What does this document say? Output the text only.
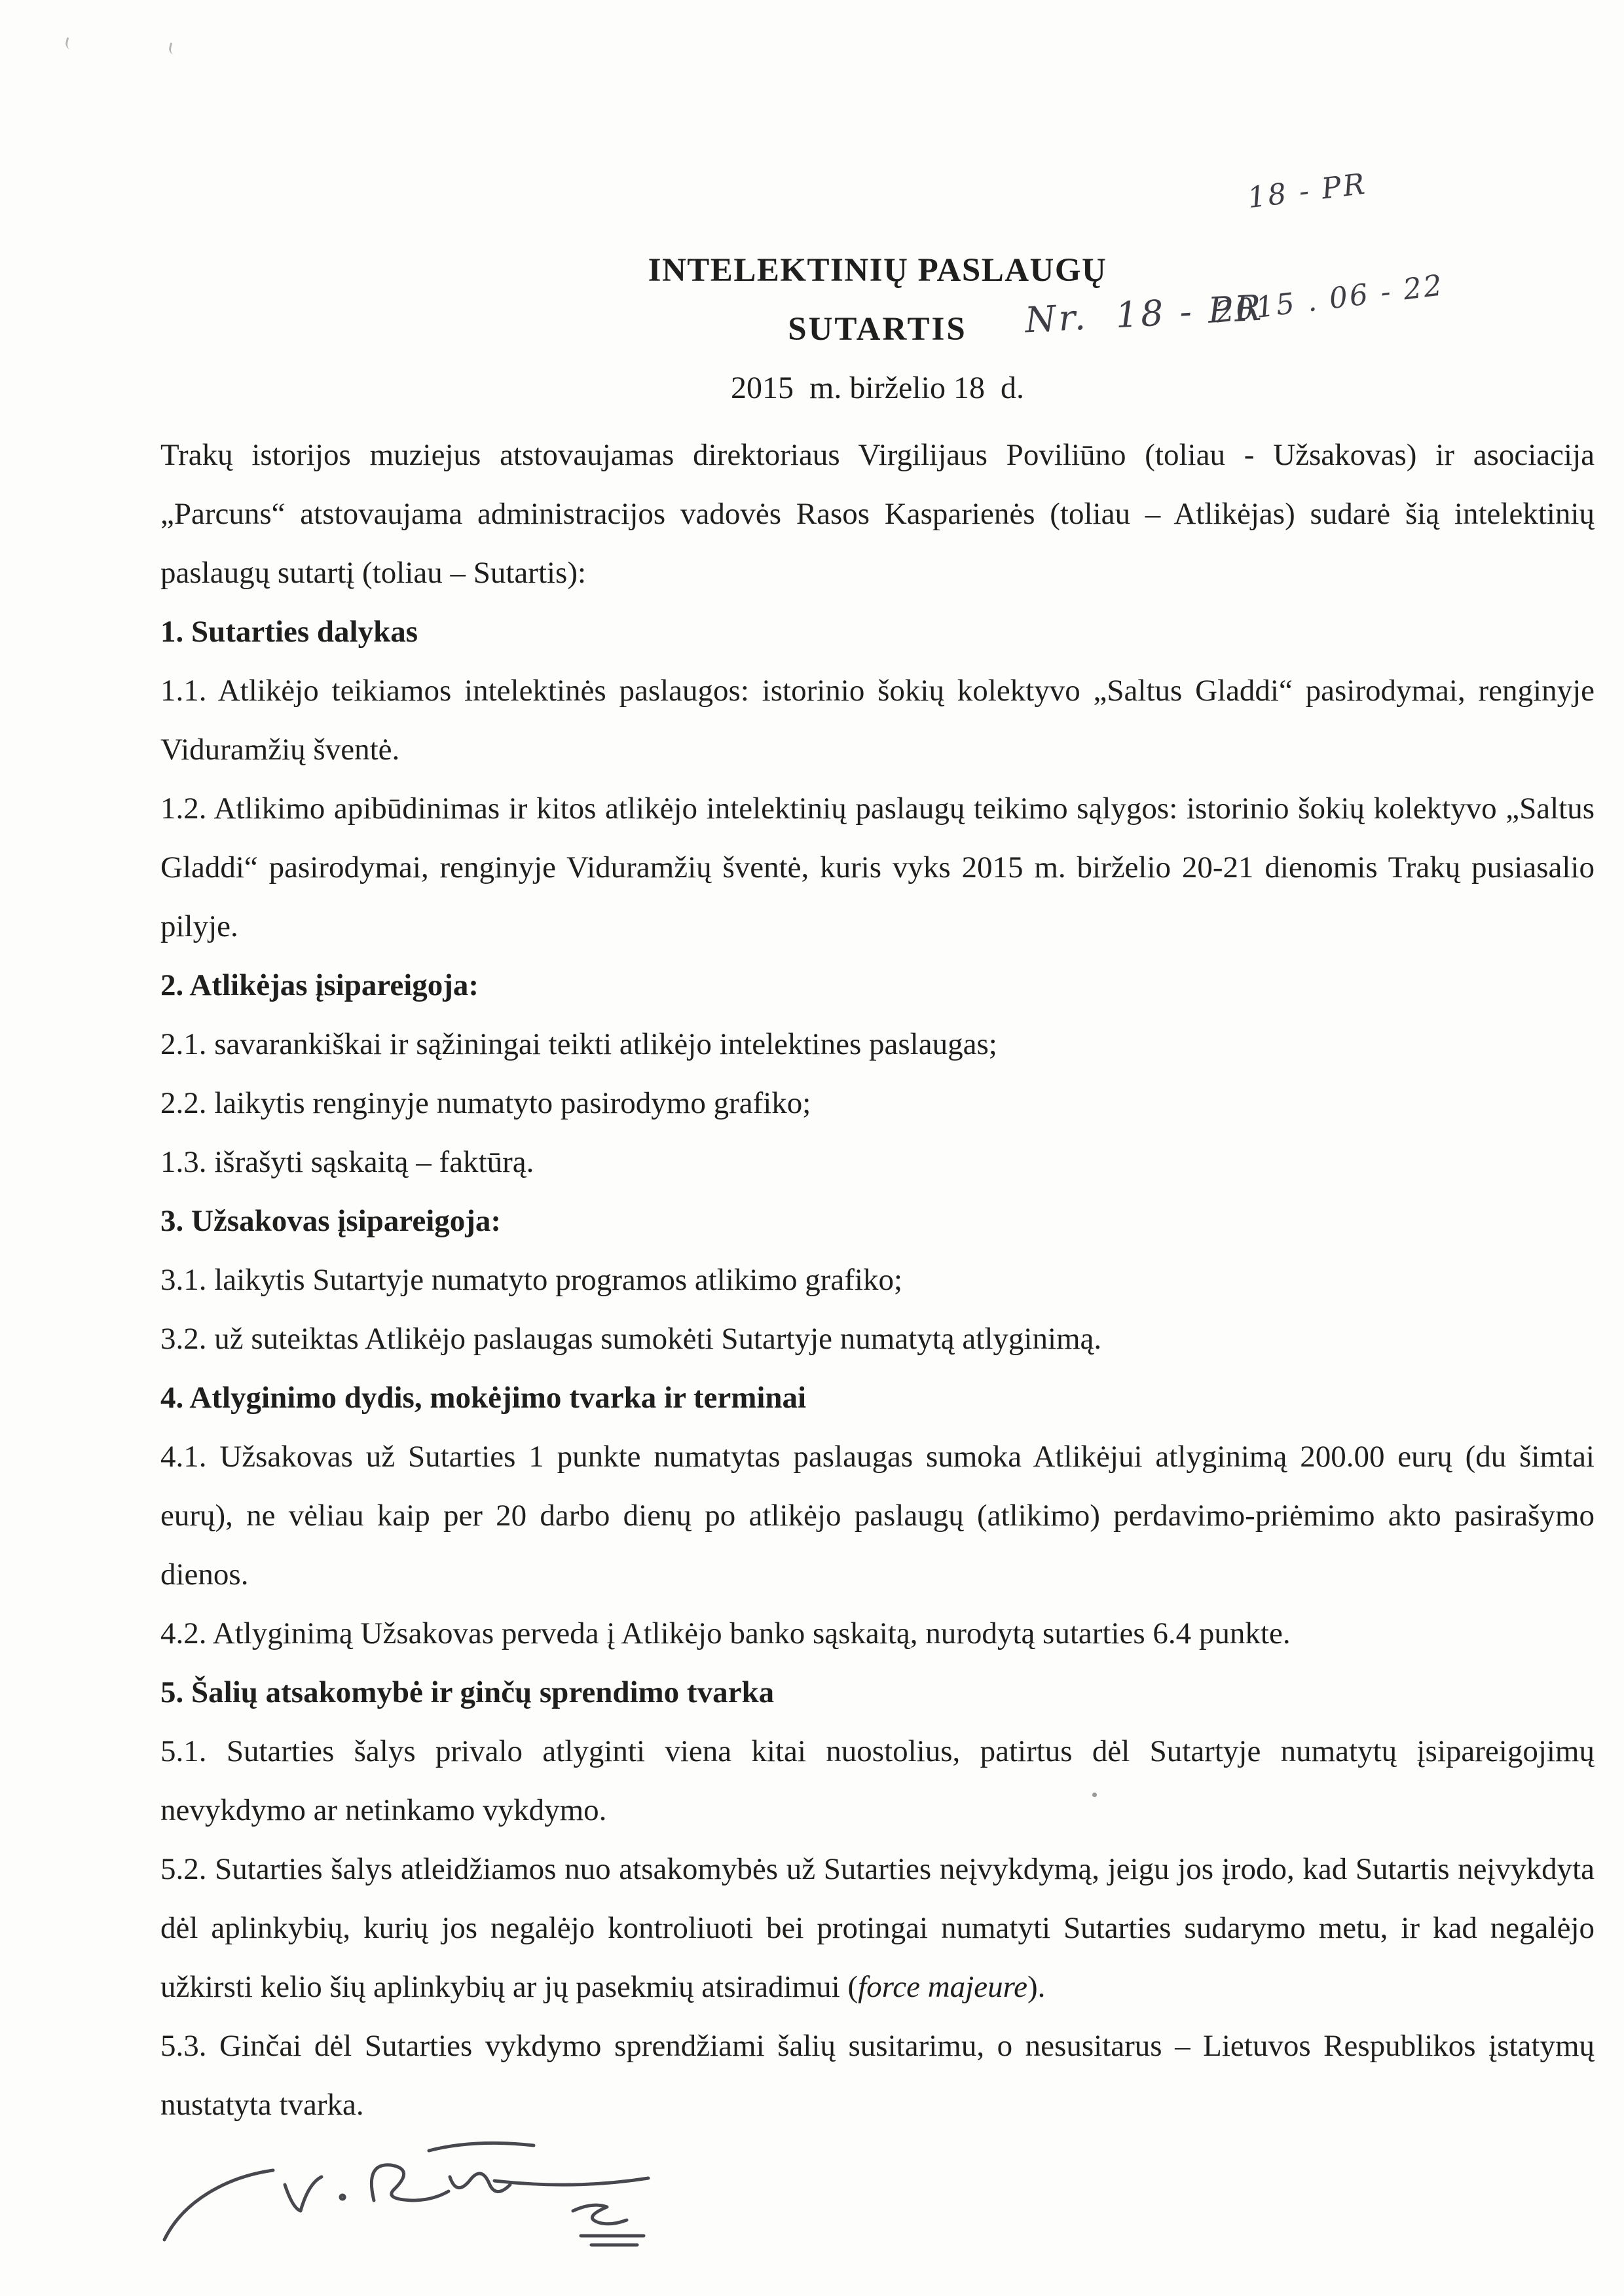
18 - PR

2015 . 06 - 22

INTELEKTINIŲ PASLAUGŲ
SUTARTIS
2015  m. birželio 18  d.
Nr.  18 - PR

Trakų istorijos muziejus atstovaujamas direktoriaus Virgilijaus Poviliūno (toliau - Užsakovas) ir asociacija „Parcuns“ atstovaujama administracijos vadovės Rasos Kasparienės (toliau – Atlikėjas) sudarė šią intelektinių paslaugų sutartį (toliau – Sutartis):

1. Sutarties dalykas

1.1. Atlikėjo teikiamos intelektinės paslaugos: istorinio šokių kolektyvo „Saltus Gladdi“ pasirodymai, renginyje Viduramžių šventė.

1.2. Atlikimo apibūdinimas ir kitos atlikėjo intelektinių paslaugų teikimo sąlygos: istorinio šokių kolektyvo „Saltus Gladdi“ pasirodymai, renginyje Viduramžių šventė, kuris vyks 2015 m. birželio 20-21 dienomis Trakų pusiasalio pilyje.

2. Atlikėjas įsipareigoja:

2.1. savarankiškai ir sąžiningai teikti atlikėjo intelektines paslaugas;

2.2. laikytis renginyje numatyto pasirodymo grafiko;

1.3. išrašyti sąskaitą – faktūrą.

3. Užsakovas įsipareigoja:

3.1. laikytis Sutartyje numatyto programos atlikimo grafiko;

3.2. už suteiktas Atlikėjo paslaugas sumokėti Sutartyje numatytą atlyginimą.

4. Atlyginimo dydis, mokėjimo tvarka ir terminai

4.1. Užsakovas už Sutarties 1 punkte numatytas paslaugas sumoka Atlikėjui atlyginimą 200.00 eurų (du šimtai eurų), ne vėliau kaip per 20 darbo dienų po atlikėjo paslaugų (atlikimo) perdavimo-priėmimo akto pasirašymo dienos.

4.2. Atlyginimą Užsakovas perveda į Atlikėjo banko sąskaitą, nurodytą sutarties 6.4 punkte.

5. Šalių atsakomybė ir ginčų sprendimo tvarka

5.1. Sutarties šalys privalo atlyginti viena kitai nuostolius, patirtus dėl Sutartyje numatytų įsipareigojimų nevykdymo ar netinkamo vykdymo.

5.2. Sutarties šalys atleidžiamos nuo atsakomybės už Sutarties neįvykdymą, jeigu jos įrodo, kad Sutartis neįvykdyta dėl aplinkybių, kurių jos negalėjo kontroliuoti bei protingai numatyti Sutarties sudarymo metu, ir kad negalėjo užkirsti kelio šių aplinkybių ar jų pasekmių atsiradimui (force majeure).

5.3. Ginčai dėl Sutarties vykdymo sprendžiami šalių susitarimu, o nesusitarus – Lietuvos Respublikos įstatymų nustatyta tvarka.
